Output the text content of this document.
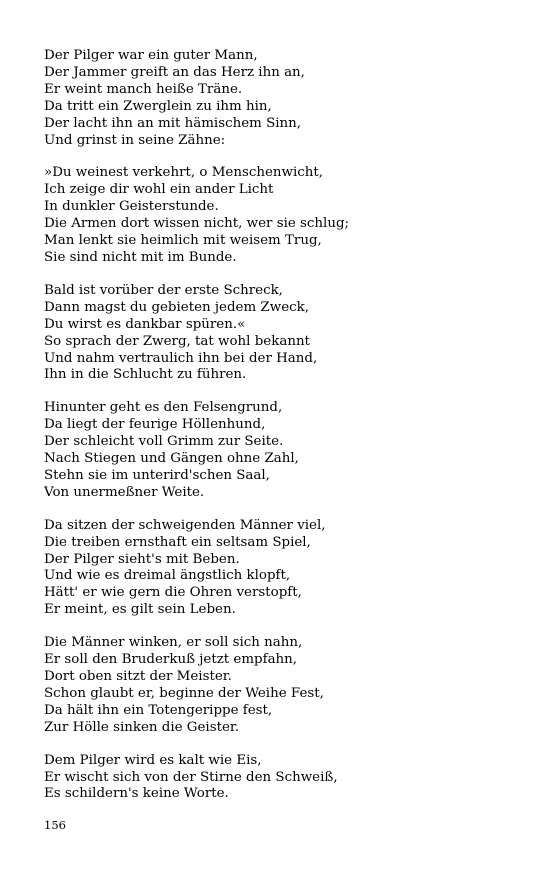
Der Pilger war ein guter Mann,
Der Jammer greift an das Herz ihn an,
Er weint manch heiße Träne.
Da tritt ein Zwerglein zu ihm hin,
Der lacht ihn an mit hämischem Sinn,
Und grinst in seine Zähne:
»Du weinest verkehrt, o Menschenwicht,
Ich zeige dir wohl ein ander Licht
In dunkler Geisterstunde.
Die Armen dort wissen nicht, wer sie schlug;
Man lenkt sie heimlich mit weisem Trug,
Sie sind nicht mit im Bunde.
Bald ist vorüber der erste Schreck,
Dann magst du gebieten jedem Zweck,
Du wirst es dankbar spüren.«
So sprach der Zwerg, tat wohl bekannt
Und nahm vertraulich ihn bei der Hand,
Ihn in die Schlucht zu führen.
Hinunter geht es den Felsengrund,
Da liegt der feurige Höllenhund,
Der schleicht voll Grimm zur Seite.
Nach Stiegen und Gängen ohne Zahl,
Stehn sie im unterird'schen Saal,
Von unermeßner Weite.
Da sitzen der schweigenden Männer viel,
Die treiben ernsthaft ein seltsam Spiel,
Der Pilger sieht's mit Beben.
Und wie es dreimal ängstlich klopft,
Hätt' er wie gern die Ohren verstopft,
Er meint, es gilt sein Leben.
Die Männer winken, er soll sich nahn,
Er soll den Bruderkuß jetzt empfahn,
Dort oben sitzt der Meister.
Schon glaubt er, beginne der Weihe Fest,
Da hält ihn ein Totengerippe fest,
Zur Hölle sinken die Geister.
Dem Pilger wird es kalt wie Eis,
Er wischt sich von der Stirne den Schweiß,
Es schildern's keine Worte.
156
